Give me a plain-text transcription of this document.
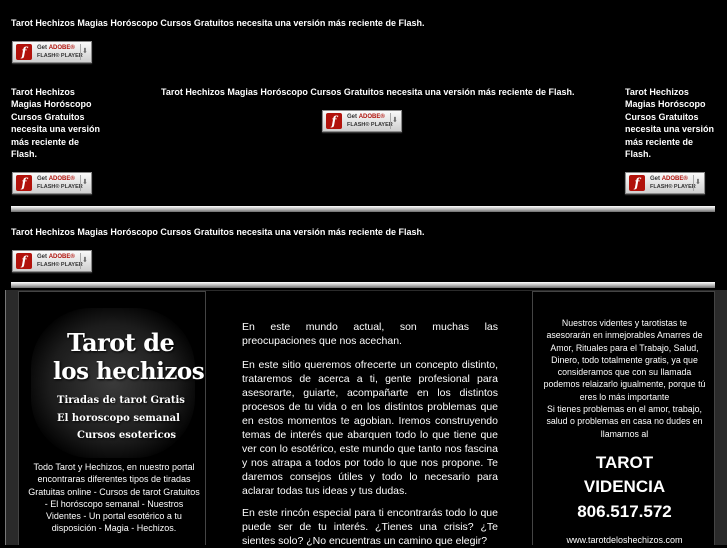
Tarot Hechizos Magias Horóscopo Cursos Gratuitos necesita una versión más reciente de Flash.
f	Get ADOBE®
FLASH® PLAYER
⬇
Tarot Hechizos Magias Horóscopo Cursos Gratuitos necesita una versión más reciente de Flash.
f	Get ADOBE®
FLASH® PLAYER
⬇
Tarot Hechizos Magias Horóscopo Cursos Gratuitos necesita una versión más reciente de Flash.
f	Get ADOBE®
FLASH® PLAYER
⬇
Tarot Hechizos Magias Horóscopo Cursos Gratuitos necesita una versión más reciente de Flash.
f	Get ADOBE®
FLASH® PLAYER
⬇
Tarot Hechizos Magias Horóscopo Cursos Gratuitos necesita una versión más reciente de Flash.
f	Get ADOBE®
FLASH® PLAYER
⬇
Tarot de
los hechizos
Tiradas de tarot Gratis
El horoscopo semanal
Cursos esotericos
Todo Tarot y Hechizos, en nuestro portal encontraras diferentes tipos de tiradas Gratuitas online - Cursos de tarot Gratuitos - El horóscopo semanal - Nuestros Videntes - Un portal esotérico a tu disposición - Magia - Hechizos.
En este mundo actual, son muchas las preocupaciones que nos acechan.
En este sitio queremos ofrecerte un concepto distinto, trataremos de acerca a ti, gente profesional para asesorarte, guiarte, acompañarte en los distintos procesos de tu vida o en los distintos problemas que en estos momentos te agobian. Iremos construyendo temas de interés que abarquen todo lo que tiene que ver con lo esotérico, este mundo que tanto nos fascina y nos atrapa a todos por todo lo que nos propone. Te daremos consejos útiles y todo lo necesario para aclarar todas tus ideas y tus dudas.
En este rincón especial para ti encontrarás todo lo que puede ser de tu interés. ¿Tienes una crisis? ¿Te sientes solo? ¿No encuentras un camino que elegir?
Nuestros videntes y tarotistas te asesorarán en inmejorables Amarres de Amor, Rituales para el Trabajo, Salud, Dinero, todo totalmente gratis, ya que consideramos que con su llamada podemos relaizarlo igualmente, porque tú eres lo más importante
Si tienes problemas en el amor, trabajo, salud o problemas en casa no dudes en llamarnos al
TAROT
VIDENCIA
806.517.572
www.tarotdeloshechizos.com
